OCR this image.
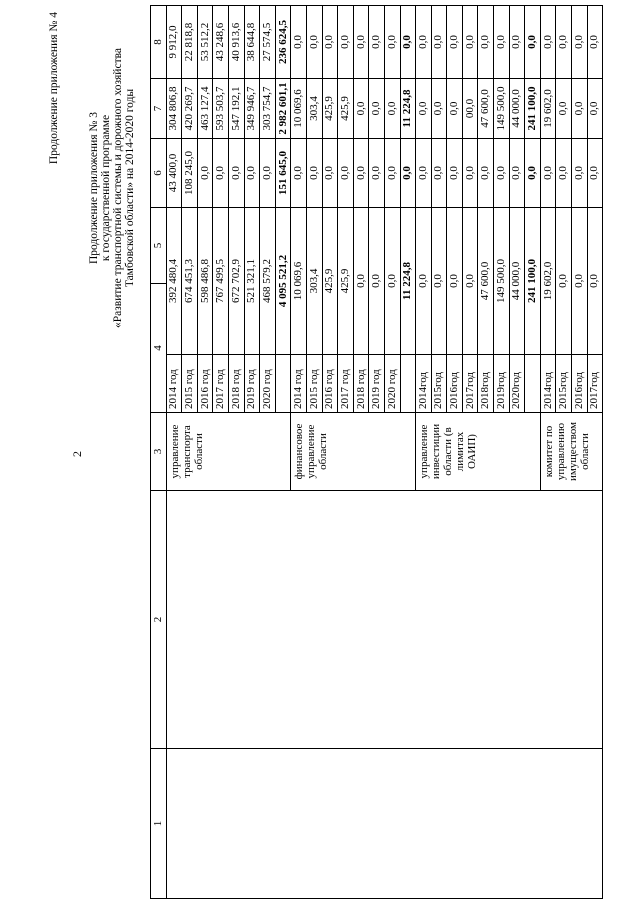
2
Продолжение приложения № 4
Продолжение приложения № 3 к государственной программе «Развитие транспортной системы и дорожного хозяйства Тамбовской области» на 2014-2020 годы
1	2	3	4		5	6	7	8	
		управление транспорта области	2014 год	392 480,4		43 400,0	304 806,8	9 912,0	
			2015 год	674 451,3		108 245,0	420 269,7	22 818,8	
			2016 год	598 486,8		0,0	463 127,4	53 512,2	
			2017 год	767 499,5		0,0	593 503,7	43 248,6	
			2018 год	672 702,9		0,0	547 192,1	40 913,6	
			2019 год	521 321,1		0,0	349 946,7	38 644,8	
			2020 год	468 579,2		0,0	303 754,7	27 574,5	
				4 095 521,2		151 645,0	2 982 601,1	236 624,5	
		финансовое управление области	2014 год	10 069,6		0,0	10 069,6	0,0	
			2015 год	303,4		0,0	303,4	0,0	
			2016 год	425,9		0,0	425,9	0,0	
			2017 год	425,9		0,0	425,9	0,0	
			2018 год	0,0		0,0	0,0	0,0	
			2019 год	0,0		0,0	0,0	0,0	
			2020 год	0,0		0,0	0,0	0,0	
				11 224,8		0,0	11 224,8	0,0	
		управление инвестиции области (в лимитах ОАИП)	2014год	0,0		0,0	0,0	0,0	
			2015год	0,0		0,0	0,0	0,0	
			2016год	0,0		0,0	0,0	0,0	
			2017год	0,0		0,0	00,0	0,0	
			2018год	47 600,0		0,0	47 600,0	0,0	
			2019год	149 500,0		0,0	149 500,0	0,0	
			2020год	44 000,0		0,0	44 000,0	0,0	
				241 100,0		0,0	241 100,0	0,0	
		комитет по управлению имуществом области	2014год	19 602,0		0,0	19 602,0	0,0	
			2015год	0,0		0,0	0,0	0,0	
			2016год	0,0		0,0	0,0	0,0	
			2017год	0,0		0,0	0,0	0,0	
